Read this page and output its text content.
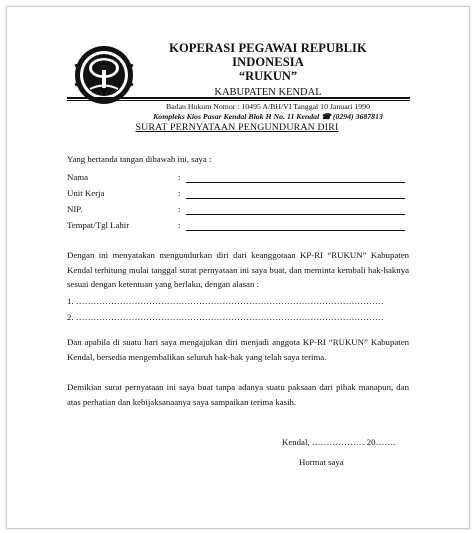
KOPERASI PEGAWAI REPUBLIK INDONESIA
“RUKUN”
KABUPATEN KENDAL
Badan Hukum Nomor : 10495 A/BH/VI Tanggal 10 Januari 1990
Kompleks Kios Pasar Kendal Blok H No. 11 Kendal ☎ (0294) 3687813
SURAT PERNYATAAN PENGUNDURAN DIRI
Yang bertanda tangan dibawah ini, saya :
Nama	:
Unit Kerja	:
NIP.	:
Tempat/Tgl Lahir	:
Dengan ini menyatakan mengundurkan diri dari keanggotaan KP-RI “RUKUN” Kabupaten Kendal terhitung mulai tanggal surat pernyataan ini saya buat, dan meminta kembali hak-haknya sesuai dengan ketentuan yang berlaku, dengan alasan :
1. ……………………………………………………………………………………………
2. ……………………………………………………………………………………………
Dan apabila di suatu hari saya mengajukan diri menjadi anggota KP-RI “RUKUN” Kabupaten Kendal, bersedia mengembalikan seluruh hak-hak yang telah saya terima.
Demikian surat pernyataan ini saya buat tanpa adanya suatu paksaan dari pihak manapun, dan atas perhatian dan kebijaksanaanya saya sampaikan terima kasih.
Kendal, ……………… 20…….
Hormat saya
